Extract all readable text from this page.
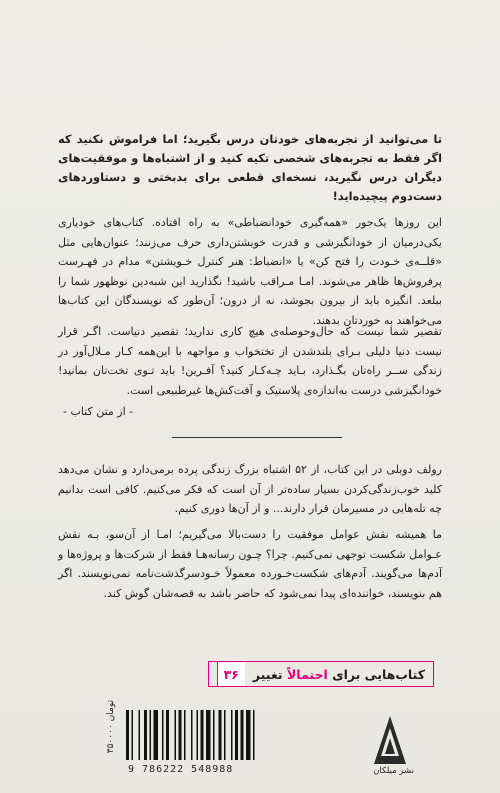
تا می‌توانید از تجربه‌های خودتان درس بگیرید؛ اما فراموش نکنید که اگر فقط به تجربه‌های شخصی تکیه کنید و از اشتباه‌ها و موفقیت‌های دیگران درس نگیرید، نسخه‌ای قطعی برای بدبختی و دستاوردهای دست‌دوم پیچیده‌اید!
این روزها یک‌جور «همه‌گیری خودانضباطی» به راه افتاده. کتاب‌های خودیاری یکی‌درمیان از خودانگیزشی و قدرت خویشتن‌داری حرف می‌زنند؛ عنوان‌هایی مثل «قلــه‌ی خـودت را فتح کن» یا «انضباط: هنر کنترل خـویشتن» مدام در فهـرست پرفروش‌ها ظاهر می‌شوند. امـا مـراقب باشید! نگذارید این شبه‌دین نوظهور شما را ببلعد. انگیزه باید از بیرون بجوشد، نه از درون؛ آن‌طور که نویسندگان این کتاب‌ها می‌خواهند به خوردتان بدهند.
تقصیر شما نیست که حال‌وحوصله‌ی هیچ کاری ندارید؛ تقصیر دنیاست. اگـر قرار نیست دنیا دلیلی بـرای بلندشدن از تختخواب و مواجهه با این‌همه کـار مـلال‌آور در زندگی ســر راه‌تان بگـذارد، بـاید چـه‌کـار کنید؟ آفـرین! باید تـوی تخت‌تان بمانید! خودانگیزشی درست به‌اندازه‌ی پلاستیک و آفت‌کش‌ها غیرطبیعی است.
- از متن کتاب -
رولف دوبلی در این کتاب، از ۵۲ اشتباه بزرگ زندگی پرده برمی‌دارد و نشان می‌دهد کلید خوب‌زندگی‌کردن بسیار ساده‌تر از آن است که فکر می‌کنیم. کافی است بدانیم چه تله‌هایی در مسیرمان قرار دارند... و از آن‌ها دوری کنیم.
ما همیشه نقش عوامل موفقیت را دست‌بالا می‌گیریم؛ امـا از آن‌سو، بـه نقش عـوامل شکست توجهی نمی‌کنیم. چرا؟ چـون رسانه‌هـا فقط از شرکت‌ها و پروژه‌ها و آدم‌ها می‌گویند. آدم‌های شکست‌خـورده معمولاً خـودسرگذشت‌نامه نمی‌نویسند. اگر هم بنویسند، خواننده‌ای پیدا نمی‌شود که حاضر باشد به قصه‌شان گوش کند.
کتاب‌هایی برای احتمالاً تغییر
۳۶
۳۵۰۰۰۰ تومان
9 786222 548988	نشر میلکان
